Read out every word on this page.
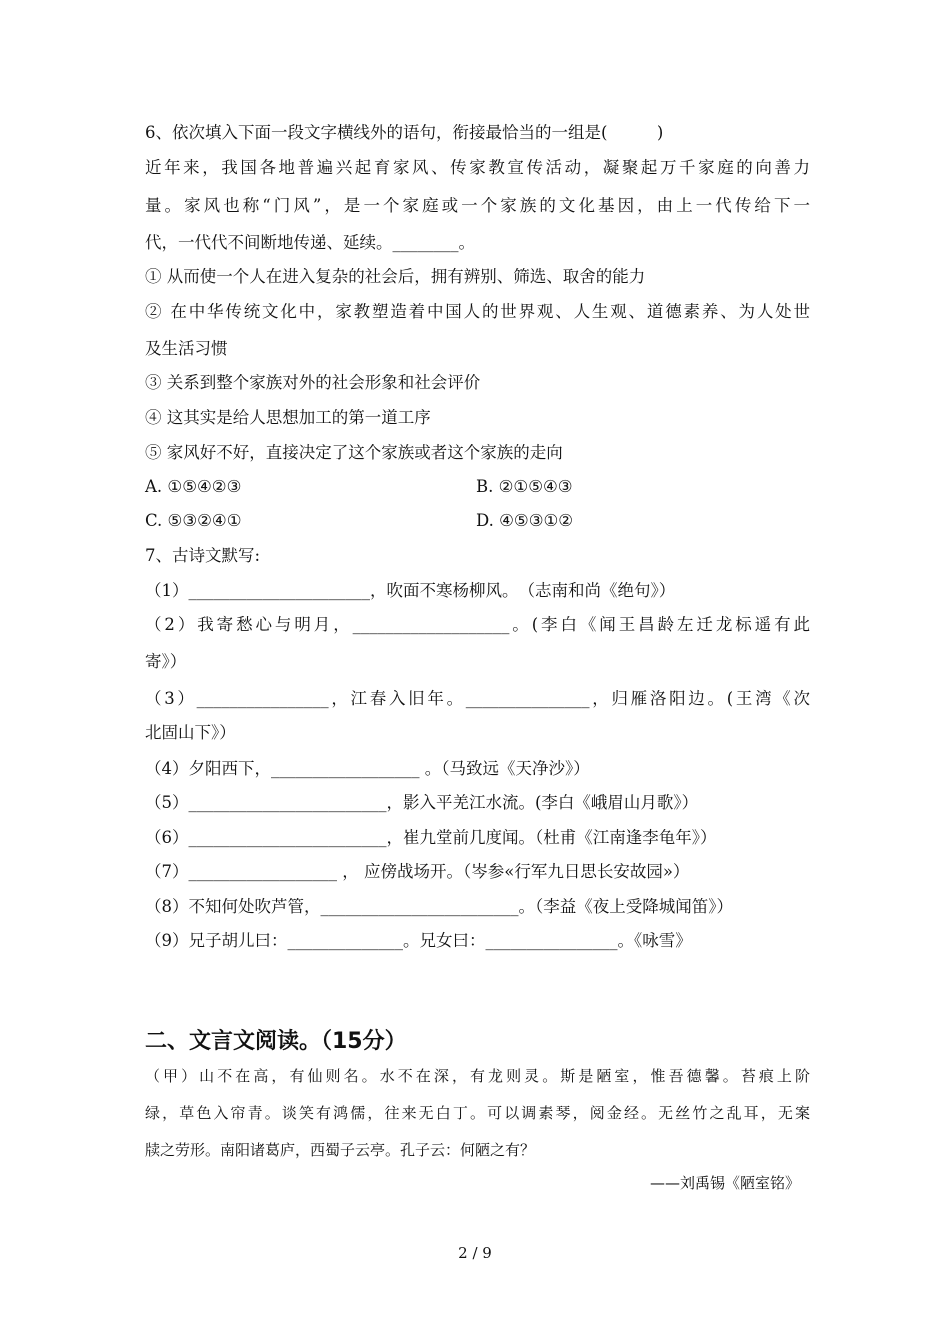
6、依次填入下面一段文字横线外的语句，衔接最恰当的一组是(　　　)
近年来，我国各地普遍兴起育家风、传家教宣传活动，凝聚起万千家庭的向善力
量。家风也称“门风”，是一个家庭或一个家族的文化基因，由上一代传给下一
代，一代代不间断地传递、延续。________。
① 从而使一个人在进入复杂的社会后，拥有辨别、筛选、取舍的能力
② 在中华传统文化中，家教塑造着中国人的世界观、人生观、道德素养、为人处世
及生活习惯
③ 关系到整个家族对外的社会形象和社会评价
④ 这其实是给人思想加工的第一道工序
⑤ 家风好不好，直接决定了这个家族或者这个家族的走向
A. ①⑤④②③	B. ②①⑤④③
C. ⑤③②④①	D. ④⑤③①②
7、古诗文默写:
（1）______________________，吹面不寒杨柳风。　（志南和尚《绝句》）
（2）我寄愁心与明月，___________________。(李白《闻王昌龄左迁龙标遥有此
寄》）
（3）________________，江春入旧年。_______________，归雁洛阳边。(王湾《次
北固山下》）
（4）夕阳西下，__________________ 。（马致远《天净沙》）
（5）________________________，影入平羌江水流。(李白《峨眉山月歌》）
（6）________________________，崔九堂前几度闻。（杜甫《江南逢李龟年》）
（7）__________________ ， 应傍战场开。（岑参«行军九日思长安故园»）
（8）不知何处吹芦管，________________________。（李益《夜上受降城闻笛》）
（9）兄子胡儿曰：______________。兄女曰：________________。《咏雪》
二、文言文阅读。（15分）
（甲）山不在高，有仙则名。水不在深，有龙则灵。斯是陋室，惟吾德馨。苔痕上阶
绿，草色入帘青。谈笑有鸿儒，往来无白丁。可以调素琴，阅金经。无丝竹之乱耳，无案
牍之劳形。南阳诸葛庐，西蜀子云亭。孔子云：何陋之有？
——刘禹锡《陋室铭》
2 / 9
